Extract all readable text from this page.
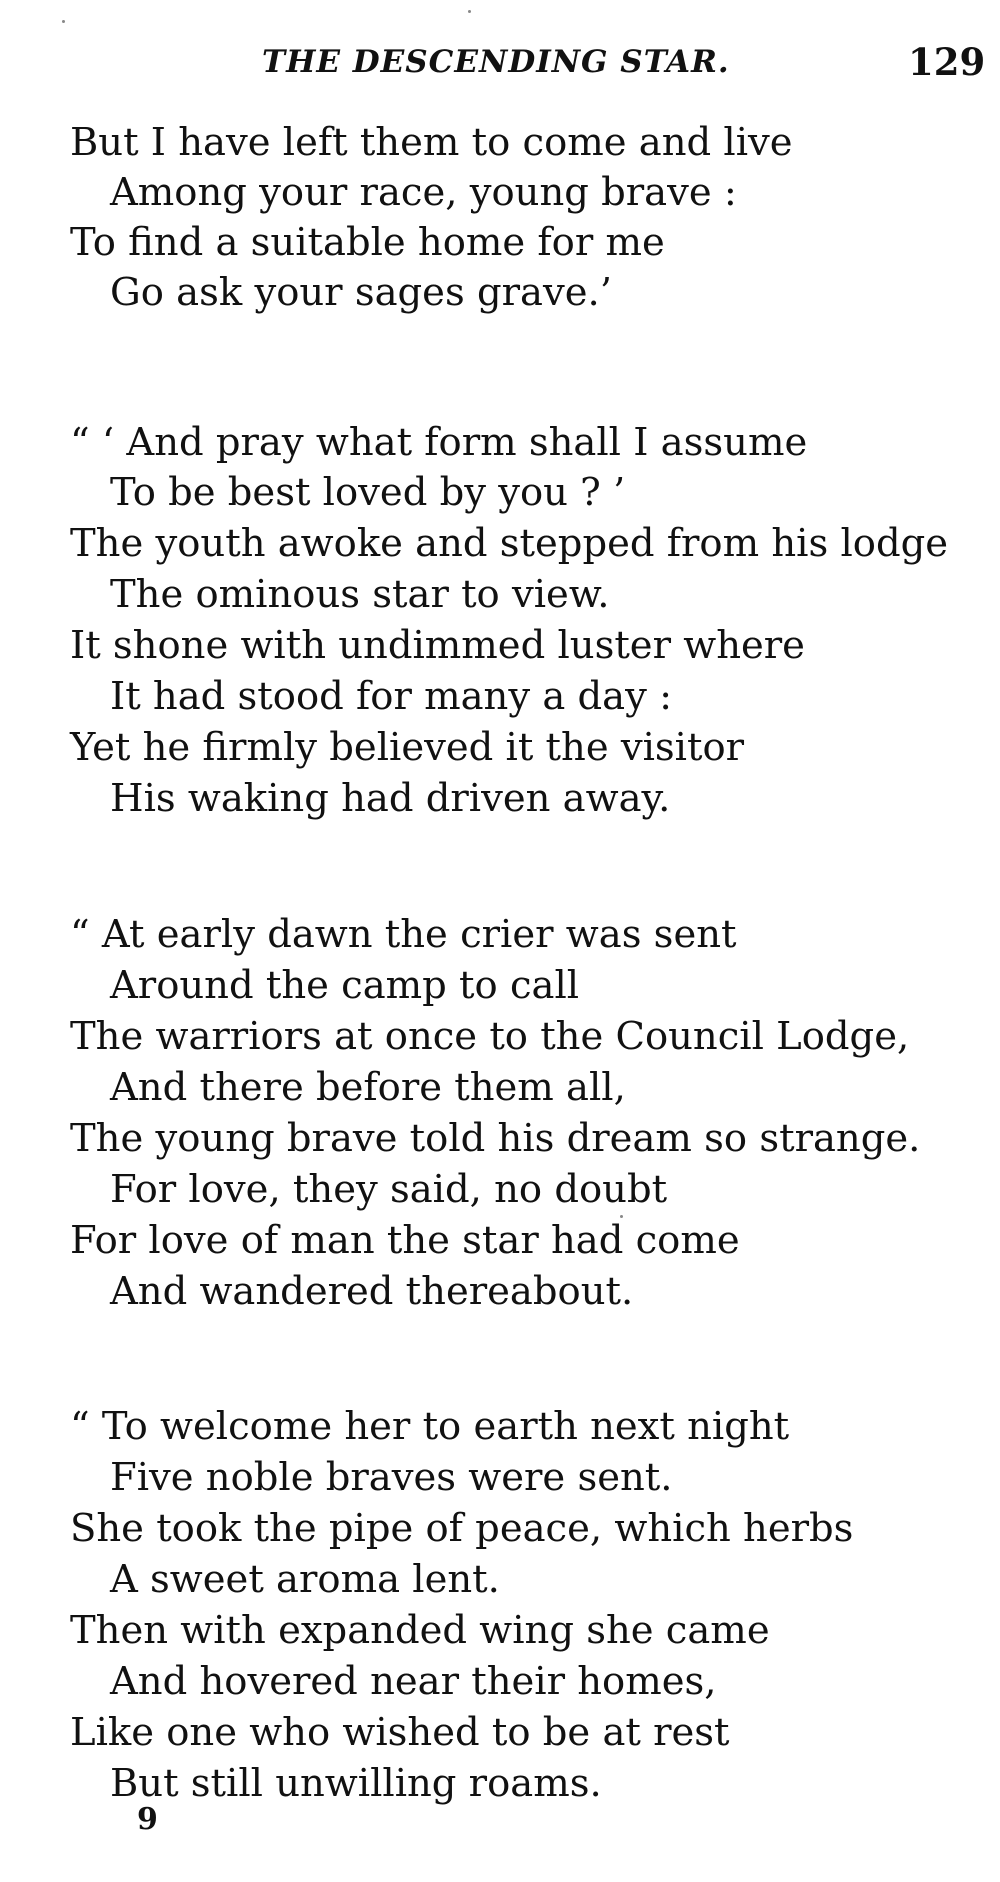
THE DESCENDING STAR.	129
But I have left them to come and live
Among your race, young brave :
To find a suitable home for me
Go ask your sages grave.’
“ ‘ And pray what form shall I assume
To be best loved by you ? ’
The youth awoke and stepped from his lodge
The ominous star to view.
It shone with undimmed luster where
It had stood for many a day :
Yet he firmly believed it the visitor
His waking had driven away.
“ At early dawn the crier was sent
Around the camp to call
The warriors at once to the Council Lodge,
And there before them all,
The young brave told his dream so strange.
For love, they said, no doubt
For love of man the star had come
And wandered thereabout.
“ To welcome her to earth next night
Five noble braves were sent.
She took the pipe of peace, which herbs
A sweet aroma lent.
Then with expanded wing she came
And hovered near their homes,
Like one who wished to be at rest
But still unwilling roams.
9
